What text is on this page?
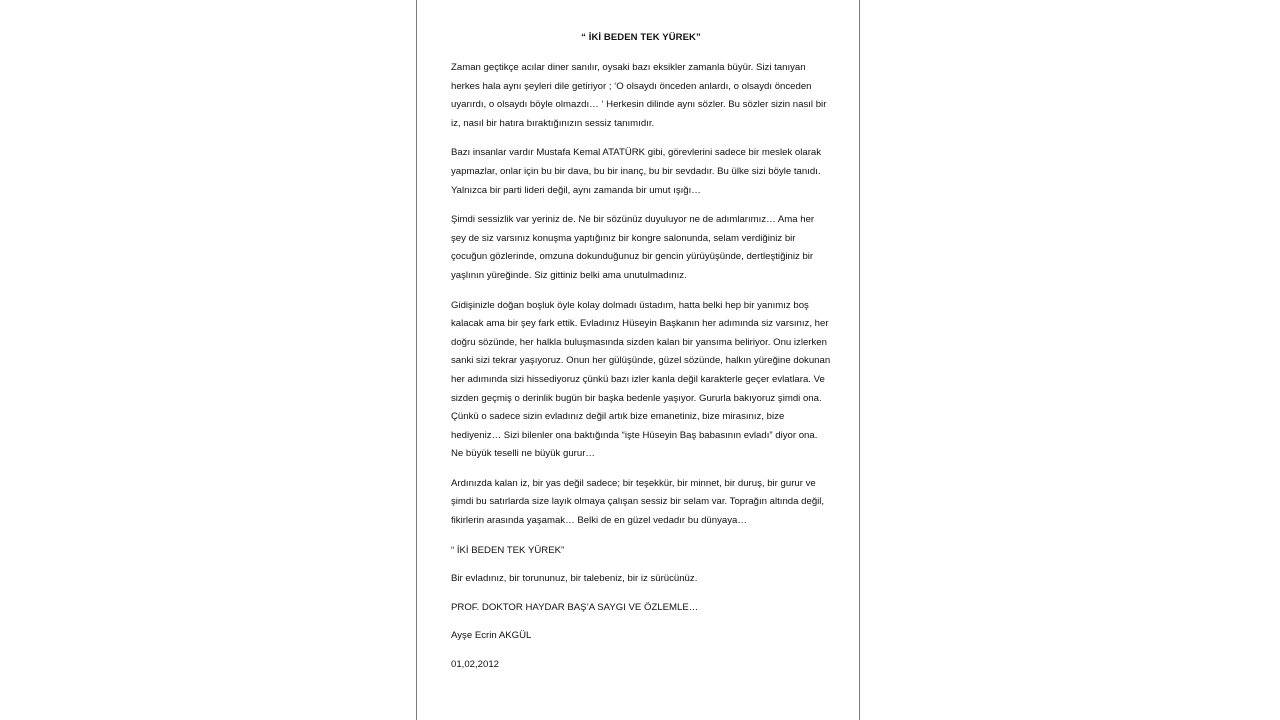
“ İKİ BEDEN TEK YÜREK”

Zaman geçtikçe acılar diner sanılır, oysaki bazı eksikler zamanla büyür. Sizi tanıyan herkes hala aynı şeyleri dile getiriyor ; ‘O olsaydı önceden anlardı, o olsaydı önceden uyarırdı, o olsaydı böyle olmazdı… ‘ Herkesin dilinde aynı sözler. Bu sözler sizin nasıl bir iz, nasıl bir hatıra bıraktığınızın sessiz tanımıdır.

Bazı insanlar vardır Mustafa Kemal ATATÜRK gibi, görevlerini sadece bir meslek olarak yapmazlar, onlar için bu bir dava, bu bir inanç, bu bir sevdadır. Bu ülke sizi böyle tanıdı. Yalnızca bir parti lideri değil, aynı zamanda bir umut ışığı…

Şimdi sessizlik var yeriniz de. Ne bir sözünüz duyuluyor ne de adımlarımız… Ama her şey de siz varsınız konuşma yaptığınız bir kongre salonunda, selam verdiğiniz bir çocuğun gözlerinde, omzuna dokunduğunuz bir gencin yürüyüşünde, dertleştiğiniz bir yaşlının yüreğinde. Siz gittiniz belki ama unutulmadınız.

Gidişinizle doğan boşluk öyle kolay dolmadı üstadım, hatta belki hep bir yanımız boş kalacak ama bir şey fark ettik. Evladınız Hüseyin Başkanın her adımında siz varsınız, her doğru sözünde, her halkla buluşmasında sizden kalan bir yansıma beliriyor. Onu izlerken sanki sizi tekrar yaşıyoruz. Onun her gülüşünde, güzel sözünde, halkın yüreğine dokunan her adımında sizi hissediyoruz çünkü bazı izler kanla değil karakterle geçer evlatlara. Ve sizden geçmiş o derinlik bugün bir başka bedenle yaşıyor. Gururla bakıyoruz şimdi ona. Çünkü o sadece sizin evladınız değil artık bize emanetiniz, bize mirasınız, bize hediyeniz… Sizi bilenler ona baktığında “işte Hüseyin Baş babasının evladı” diyor ona. Ne büyük teselli ne büyük gurur…

Ardınızda kalan iz, bir yas değil sadece; bir teşekkür, bir minnet, bir duruş, bir gurur ve şimdi bu satırlarda size layık olmaya çalışan sessiz bir selam var. Toprağın altında değil, fikirlerin arasında yaşamak… Belki de en güzel vedadır bu dünyaya…

“ İKİ BEDEN TEK YÜREK”
Bir evladınız, bir torununuz, bir talebeniz, bir iz sürücünüz.
PROF. DOKTOR HAYDAR BAŞ’A SAYGI VE ÖZLEMLE…
Ayşe Ecrin AKGÜL
01,02,2012
